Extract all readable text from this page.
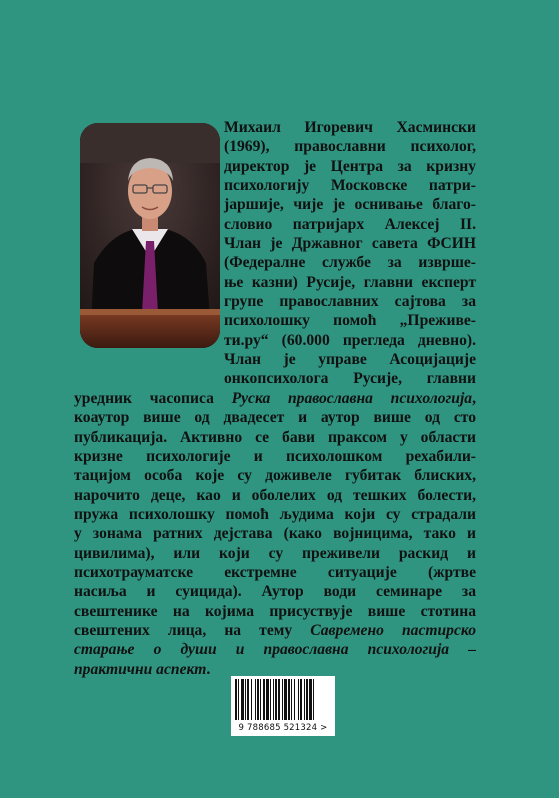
Михаил Игоревич Хасмински
(1969), православни психолог,
директор је Центра за кризну
психологију Московске патри-
јаршије, чије је оснивање благо-
словио патријарх Алексеј II.
Члан је Државног савета ФСИН
(Федералне службе за изврше-
ње казни) Русије, главни експерт
групе православних сајтова за
психолошку помоћ „Преживе-
ти.ру“ (60.000 прегледа дневно).
Члан је управе Асоцијације
онкопсихолога Русије, главни
уредник часописа Руска православна психологија,
коаутор више од двадесет и аутор више од сто
публикација. Активно се бави праксом у области
кризне психологије и психолошком рехабили-
тацијом особа које су доживеле губитак блиских,
нарочито деце, као и оболелих од тешких болести,
пружа психолошку помоћ људима који су страдали
у зонама ратних дејстава (како војницима, тако и
цивилима), или који су преживели раскид и
психотрауматске екстремне ситуације (жртве
насиља и суицида). Аутор води семинаре за
свештенике на којима присуствује више стотина
свештених лица, на тему Савремено пастирско
старање о души и православна психологија –
практични аспект.
9 788685 521324 >
